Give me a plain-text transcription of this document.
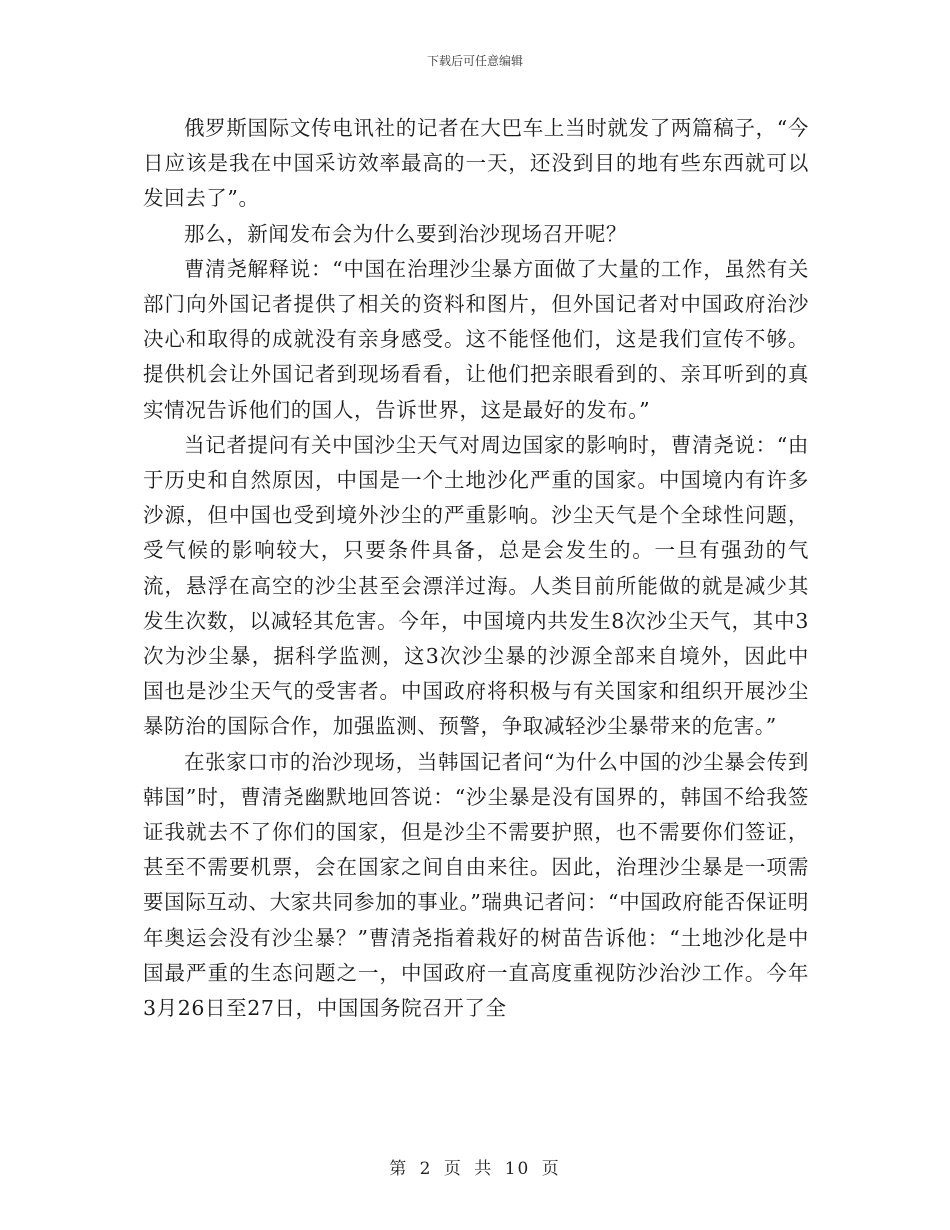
下载后可任意编辑

俄罗斯国际文传电讯社的记者在大巴车上当时就发了两篇稿子，“今日应该是我在中国采访效率最高的一天，还没到目的地有些东西就可以发回去了”。

那么，新闻发布会为什么要到治沙现场召开呢？

曹清尧解释说：“中国在治理沙尘暴方面做了大量的工作，虽然有关部门向外国记者提供了相关的资料和图片，但外国记者对中国政府治沙决心和取得的成就没有亲身感受。这不能怪他们，这是我们宣传不够。提供机会让外国记者到现场看看，让他们把亲眼看到的、亲耳听到的真实情况告诉他们的国人，告诉世界，这是最好的发布。”

当记者提问有关中国沙尘天气对周边国家的影响时，曹清尧说：“由于历史和自然原因，中国是一个土地沙化严重的国家。中国境内有许多沙源，但中国也受到境外沙尘的严重影响。沙尘天气是个全球性问题，受气候的影响较大，只要条件具备，总是会发生的。一旦有强劲的气流，悬浮在高空的沙尘甚至会漂洋过海。人类目前所能做的就是减少其发生次数，以减轻其危害。今年，中国境内共发生8次沙尘天气，其中3次为沙尘暴，据科学监测，这3次沙尘暴的沙源全部来自境外，因此中国也是沙尘天气的受害者。中国政府将积极与有关国家和组织开展沙尘暴防治的国际合作，加强监测、预警，争取减轻沙尘暴带来的危害。”

在张家口市的治沙现场，当韩国记者问“为什么中国的沙尘暴会传到韩国”时，曹清尧幽默地回答说：“沙尘暴是没有国界的，韩国不给我签证我就去不了你们的国家，但是沙尘不需要护照，也不需要你们签证，甚至不需要机票，会在国家之间自由来往。因此，治理沙尘暴是一项需要国际互动、大家共同参加的事业。”瑞典记者问：“中国政府能否保证明年奥运会没有沙尘暴？”曹清尧指着栽好的树苗告诉他：“土地沙化是中国最严重的生态问题之一，中国政府一直高度重视防沙治沙工作。今年3月26日至27日，中国国务院召开了全

第 2 页 共 10 页
